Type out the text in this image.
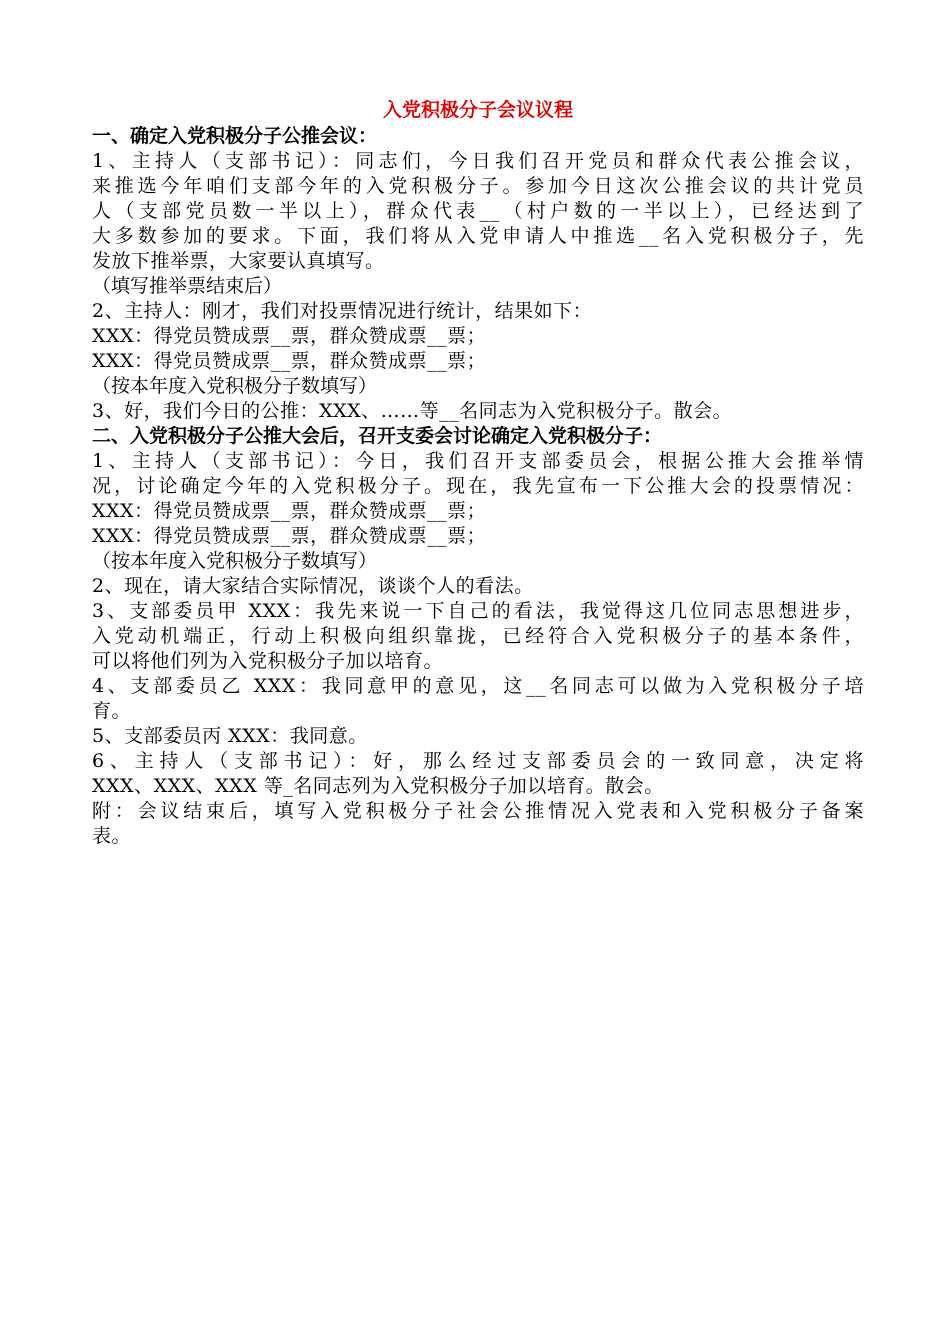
入党积极分子会议议程
一、确定入党积极分子公推会议：
1、主持人（支部书记）：同志们，今日我们召开党员和群众代表公推会议，
来推选今年咱们支部今年的入党积极分子。参加今日这次公推会议的共计党员
人（支部党员数一半以上），群众代表__（村户数的一半以上），已经达到了
大多数参加的要求。下面，我们将从入党申请人中推选__名入党积极分子，先
发放下推举票，大家要认真填写。
（填写推举票结束后）
2、主持人：刚才，我们对投票情况进行统计，结果如下：
XXX：得党员赞成票__票，群众赞成票__票；
XXX：得党员赞成票__票，群众赞成票__票；
（按本年度入党积极分子数填写）
3、好，我们今日的公推：XXX、……等__名同志为入党积极分子。散会。
二、入党积极分子公推大会后，召开支委会讨论确定入党积极分子：
1、主持人（支部书记）：今日，我们召开支部委员会，根据公推大会推举情
况，讨论确定今年的入党积极分子。现在，我先宣布一下公推大会的投票情况：
XXX：得党员赞成票__票，群众赞成票__票；
XXX：得党员赞成票__票，群众赞成票__票；
（按本年度入党积极分子数填写）
2、现在，请大家结合实际情况，谈谈个人的看法。
3、支部委员甲 XXX：我先来说一下自己的看法，我觉得这几位同志思想进步，
入党动机端正，行动上积极向组织靠拢，已经符合入党积极分子的基本条件，
可以将他们列为入党积极分子加以培育。
4、支部委员乙 XXX：我同意甲的意见，这__名同志可以做为入党积极分子培
育。
5、支部委员丙 XXX：我同意。
6、主持人（支部书记）：好，那么经过支部委员会的一致同意，决定将
XXX、XXX、XXX 等_名同志列为入党积极分子加以培育。散会。
附：会议结束后，填写入党积极分子社会公推情况入党表和入党积极分子备案
表。
